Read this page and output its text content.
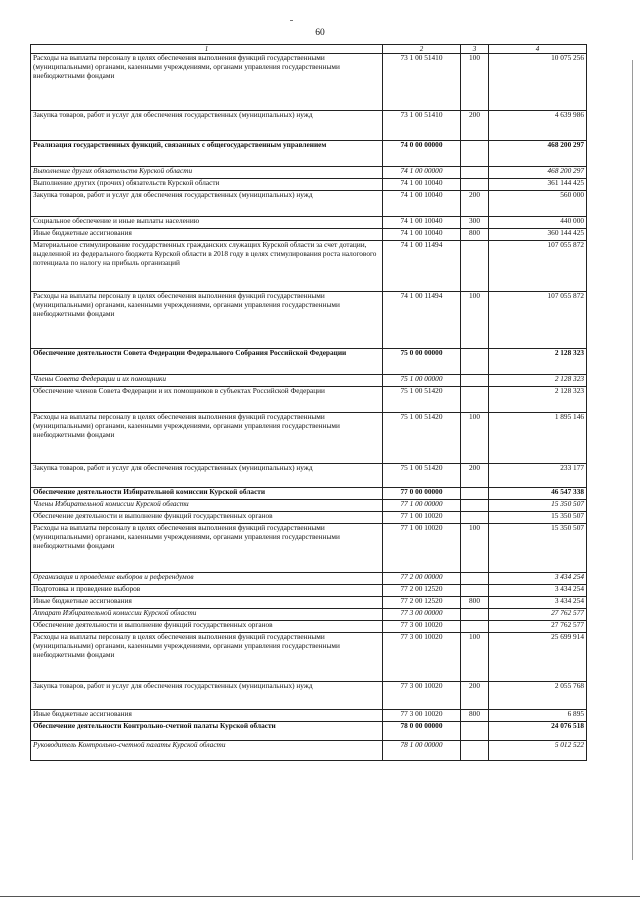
60
1	2	3	4
Расходы на выплаты персоналу в целях обеспечения выполнения функций государственными (муниципальными) органами, казенными учреждениями, органами управления государственными внебюджетными фондами	73 1 00 51410	100	10 075 256
Закупка товаров, работ и услуг для обеспечения государственных (муниципальных) нужд	73 1 00 51410	200	4 639 986
Реализация государственных функций, связанных с общегосударственным управлением	74 0 00 00000		468 200 297
Выполнение других обязательств Курской области	74 1 00 00000		468 200 297
Выполнение других (прочих) обязательств Курской области	74 1 00 10040		361 144 425
Закупка товаров, работ и услуг для обеспечения государственных (муниципальных) нужд	74 1 00 10040	200	560 000
Социальное обеспечение и иные выплаты населению	74 1 00 10040	300	440 000
Иные бюджетные ассигнования	74 1 00 10040	800	360 144 425
Материальное стимулирование государственных гражданских служащих Курской области за счет дотации, выделенной из федерального бюджета Курской области в 2018 году в целях стимулирования роста налогового потенциала по налогу на прибыль организаций	74 1 00 11494		107 055 872
Расходы на выплаты персоналу в целях обеспечения выполнения функций государственными (муниципальными) органами, казенными учреждениями, органами управления государственными внебюджетными фондами	74 1 00 11494	100	107 055 872
Обеспечение деятельности Совета Федерации Федерального Собрания Российской Федерации	75 0 00 00000		2 128 323
Члены Совета Федерации и их помощники	75 1 00 00000		2 128 323
Обеспечение членов Совета Федерации и их помощников в субъектах Российской Федерации	75 1 00 51420		2 128 323
Расходы на выплаты персоналу в целях обеспечения выполнения функций государственными (муниципальными) органами, казенными учреждениями, органами управления государственными внебюджетными фондами	75 1 00 51420	100	1 895 146
Закупка товаров, работ и услуг для обеспечения государственных (муниципальных) нужд	75 1 00 51420	200	233 177
Обеспечение деятельности Избирательной комиссии Курской области	77 0 00 00000		46 547 338
Члены Избирательной комиссии Курской области	77 1 00 00000		15 350 507
Обеспечение деятельности и выполнение функций государственных органов	77 1 00 10020		15 350 507
Расходы на выплаты персоналу в целях обеспечения выполнения функций государственными (муниципальными) органами, казенными учреждениями, органами управления государственными внебюджетными фондами	77 1 00 10020	100	15 350 507
Организация и проведение выборов и референдумов	77 2 00 00000		3 434 254
Подготовка и проведение выборов	77 2 00 12520		3 434 254
Иные бюджетные ассигнования	77 2 00 12520	800	3 434 254
Аппарат Избирательной комиссии Курской области	77 3 00 00000		27 762 577
Обеспечение деятельности и выполнение функций государственных органов	77 3 00 10020		27 762 577
Расходы на выплаты персоналу в целях обеспечения выполнения функций государственными (муниципальными) органами, казенными учреждениями, органами управления государственными внебюджетными фондами	77 3 00 10020	100	25 699 914
Закупка товаров, работ и услуг для обеспечения государственных (муниципальных) нужд	77 3 00 10020	200	2 055 768
Иные бюджетные ассигнования	77 3 00 10020	800	6 895
Обеспечение деятельности Контрольно-счетной палаты Курской области	78 0 00 00000		24 076 518
Руководитель Контрольно-счетной палаты Курской области	78 1 00 00000		5 012 522
